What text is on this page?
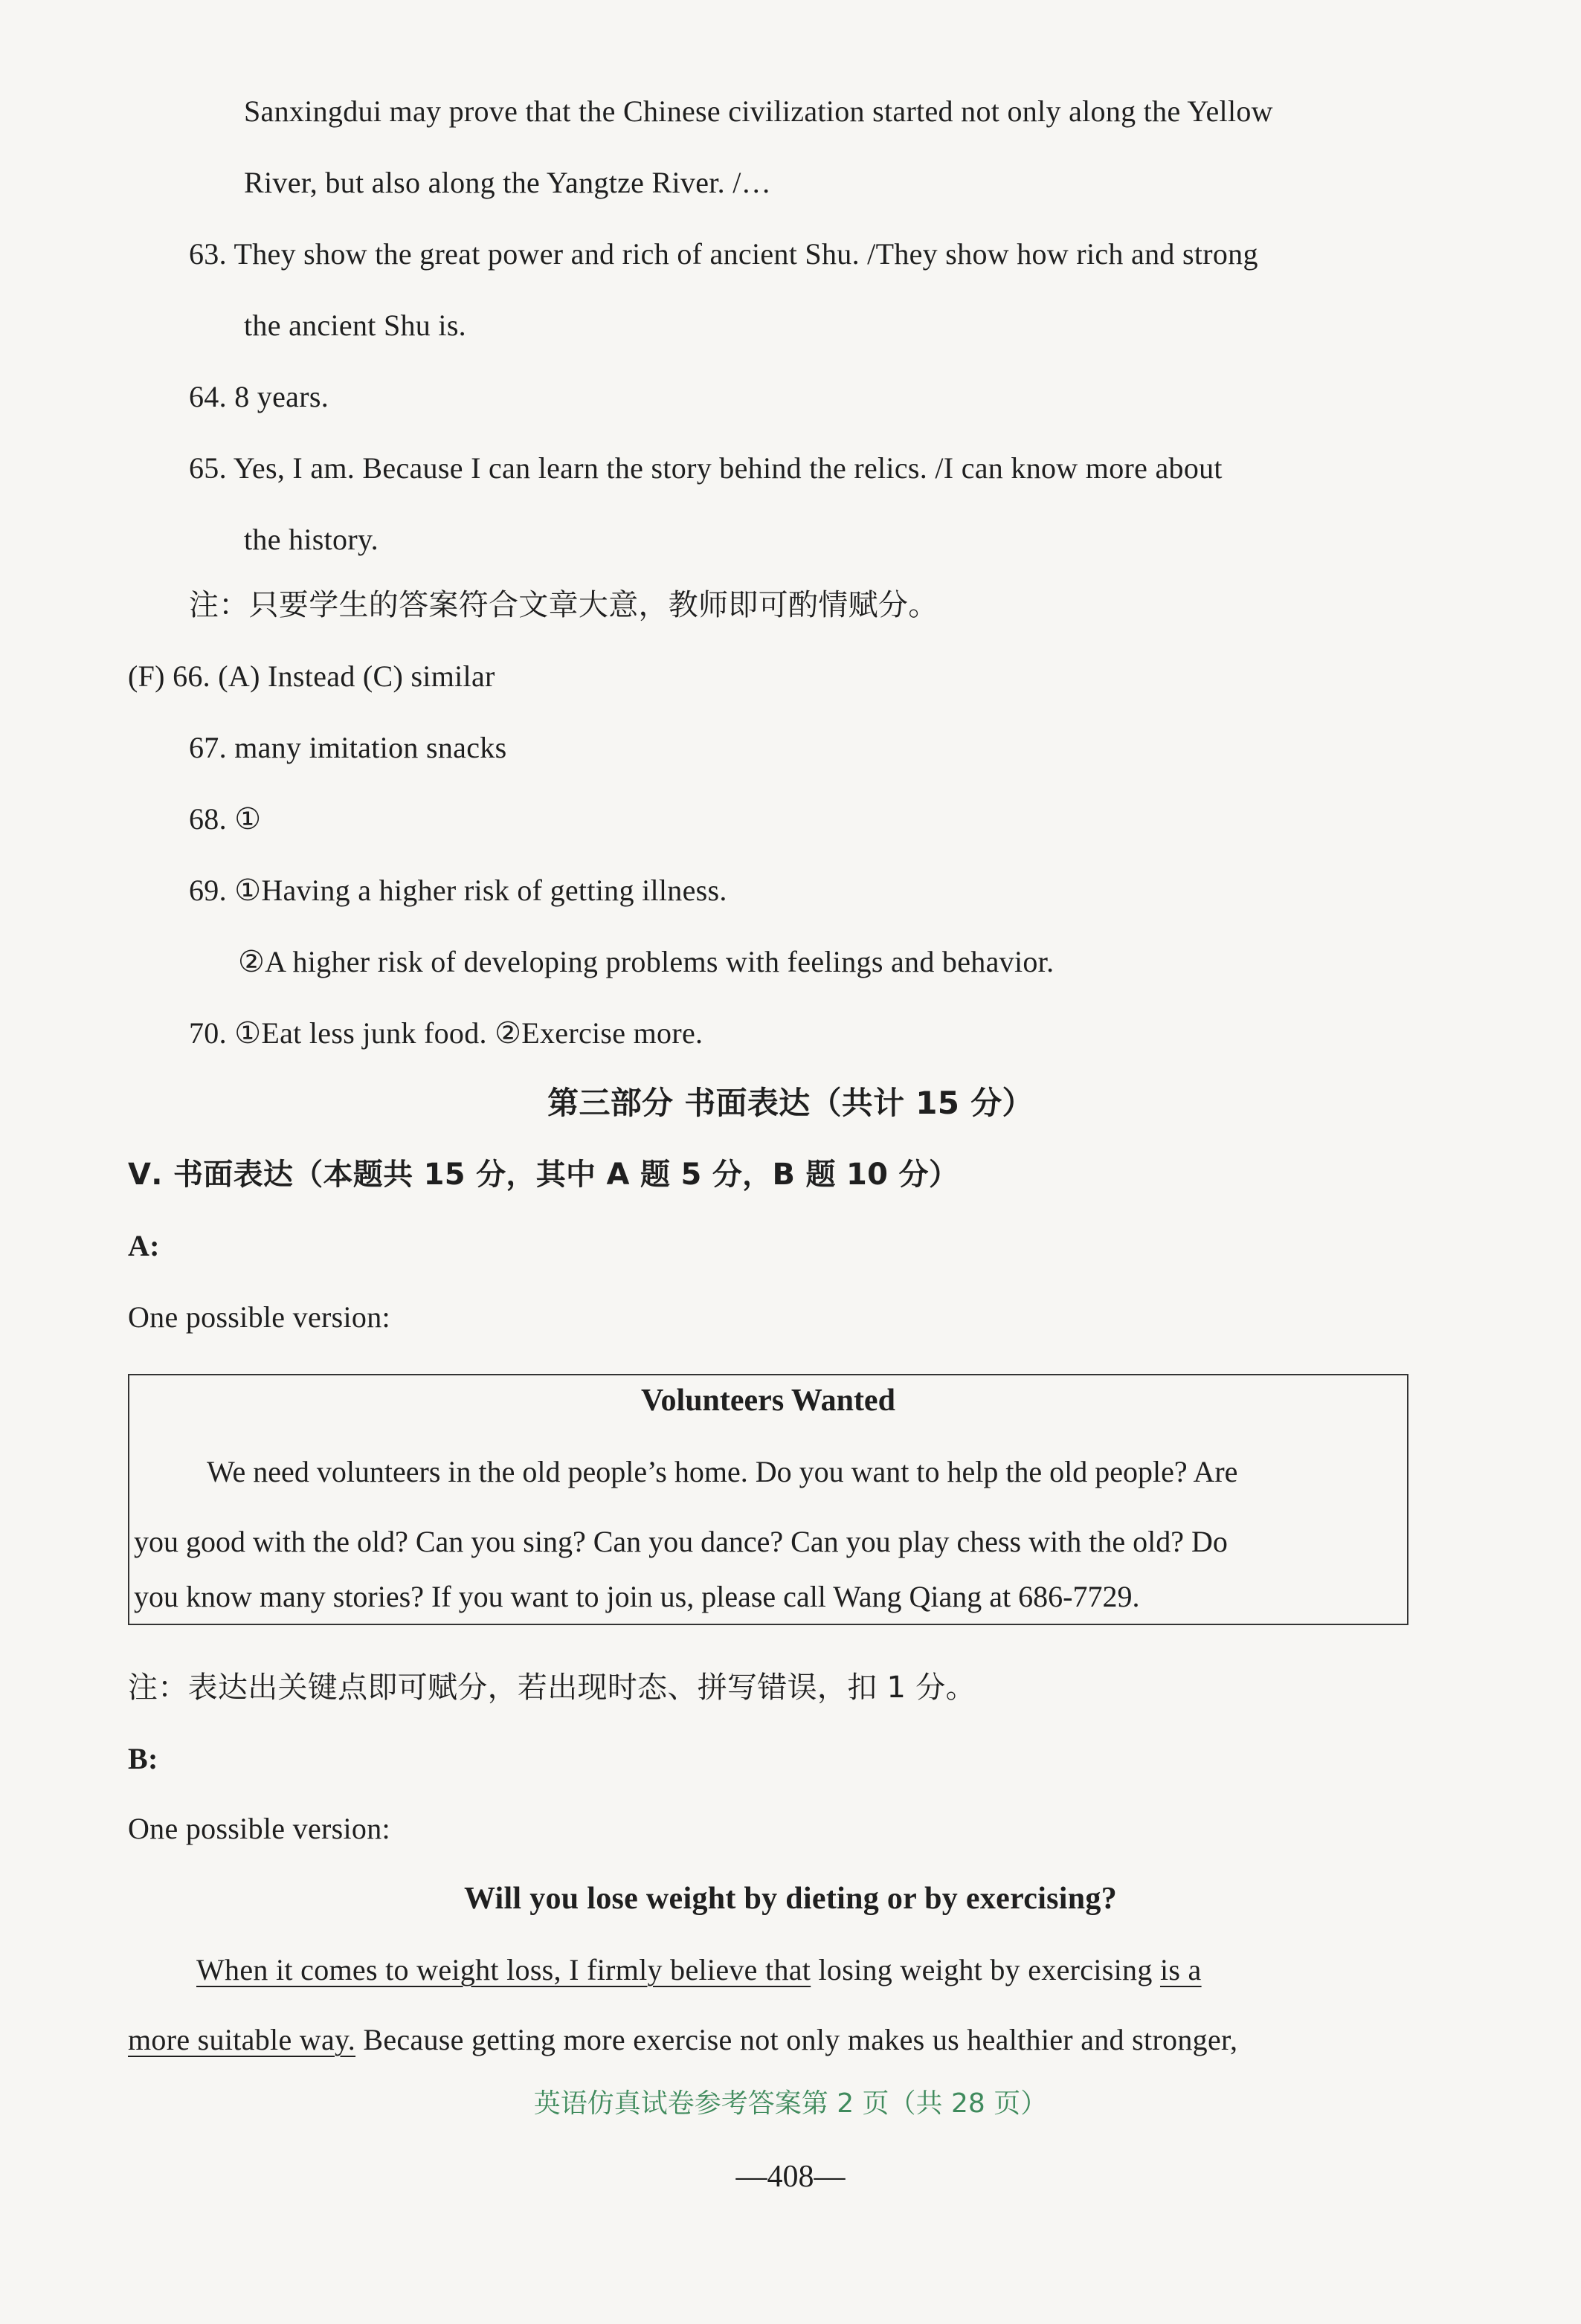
Sanxingdui may prove that the Chinese civilization started not only along the Yellow
River, but also along the Yangtze River. /…
63. They show the great power and rich of ancient Shu. /They show how rich and strong
the ancient Shu is.
64. 8 years.
65. Yes, I am. Because I can learn the story behind the relics. /I can know more about
the history.
注：只要学生的答案符合文章大意，教师即可酌情赋分。
(F) 66. (A) Instead (C) similar
67. many imitation snacks
68. ①
69. ①Having a higher risk of getting illness.
②A higher risk of developing problems with feelings and behavior.
70. ①Eat less junk food. ②Exercise more.
第三部分 书面表达（共计 15 分）
Ⅴ. 书面表达（本题共 15 分，其中 A 题 5 分，B 题 10 分）
A:
One possible version:
Volunteers Wanted
We need volunteers in the old people’s home. Do you want to help the old people? Are
you good with the old? Can you sing? Can you dance? Can you play chess with the old? Do
you know many stories? If you want to join us, please call Wang Qiang at 686-7729.
注：表达出关键点即可赋分，若出现时态、拼写错误，扣 1 分。
B:
One possible version:
Will you lose weight by dieting or by exercising?
When it comes to weight loss, I firmly believe that losing weight by exercising is a
more suitable way. Because getting more exercise not only makes us healthier and stronger,
英语仿真试卷参考答案第 2 页（共 28 页）
—408—
